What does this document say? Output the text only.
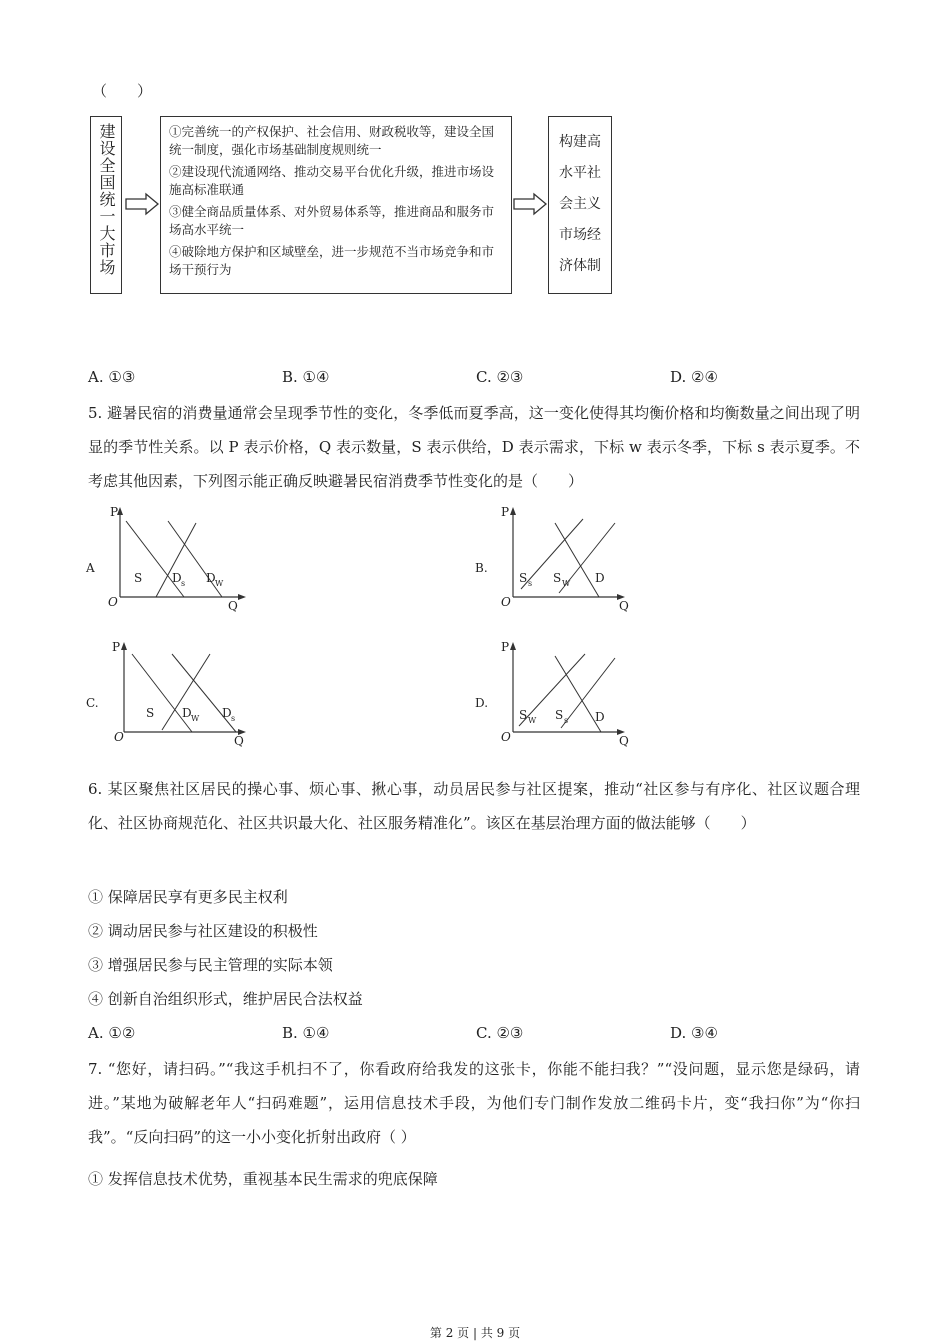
（　　）
建设全国统一大市场	①完善统一的产权保护、社会信用、财政税收等，建设全国统一制度，强化市场基础制度规则统一
②建设现代流通网络、推动交易平台优化升级，推进市场设施高标准联通
③健全商品质量体系、对外贸易体系等，推进商品和服务市场高水平统一
④破除地方保护和区域壁垒，进一步规范不当市场竞争和市场干预行为
构建高
水平社
会主义
市场经
济体制
A. ①③	B. ①④	C. ②③	D. ②④
5. 避暑民宿的消费量通常会呈现季节性的变化，冬季低而夏季高，这一变化使得其均衡价格和均衡数量之间出现了明显的季节性关系。以 P 表示价格，Q 表示数量，S 表示供给，D 表示需求，下标 w 表示冬季，下标 s 表示夏季。不考虑其他因素，下列图示能正确反映避暑民宿消费季节性变化的是（　　）
P
A
O	Q
S D s D W
P
B.
O	Q
S s S W D
P
C.
O	Q
S D W D s
P
D.
O	Q
S W S s D
6. 某区聚焦社区居民的操心事、烦心事、揪心事，动员居民参与社区提案，推动“社区参与有序化、社区议题合理化、社区协商规范化、社区共识最大化、社区服务精准化”。该区在基层治理方面的做法能够（　　）
① 保障居民享有更多民主权利
② 调动居民参与社区建设的积极性
③ 增强居民参与民主管理的实际本领
④ 创新自治组织形式，维护居民合法权益
A. ①②	B. ①④	C. ②③	D. ③④
7. “您好，请扫码。”“我这手机扫不了，你看政府给我发的这张卡，你能不能扫我？”“没问题，显示您是绿码，请进。”某地为破解老年人“扫码难题”，运用信息技术手段，为他们专门制作发放二维码卡片，变“我扫你”为“你扫我”。“反向扫码”的这一小小变化折射出政府（ ）
① 发挥信息技术优势，重视基本民生需求的兜底保障
第 2 页 | 共 9 页
